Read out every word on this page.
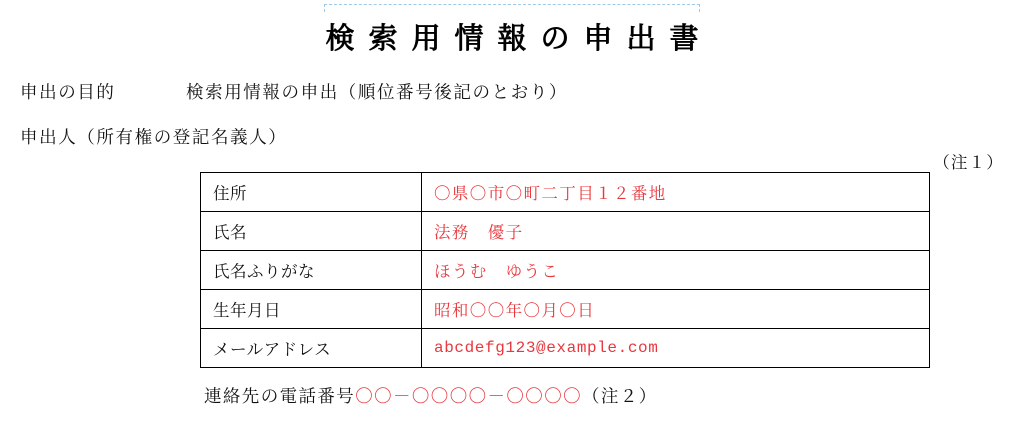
検索用情報の申出書
申出の目的	検索用情報の申出（順位番号後記のとおり）
申出人（所有権の登記名義人）
（注１）
住所	〇県〇市〇町二丁目１２番地
氏名	法務　優子
氏名ふりがな	ほうむ　ゆうこ
生年月日	昭和〇〇年〇月〇日
メールアドレス	abcdefg123@example.com
連絡先の電話番号〇〇－〇〇〇〇－〇〇〇〇（注２）
